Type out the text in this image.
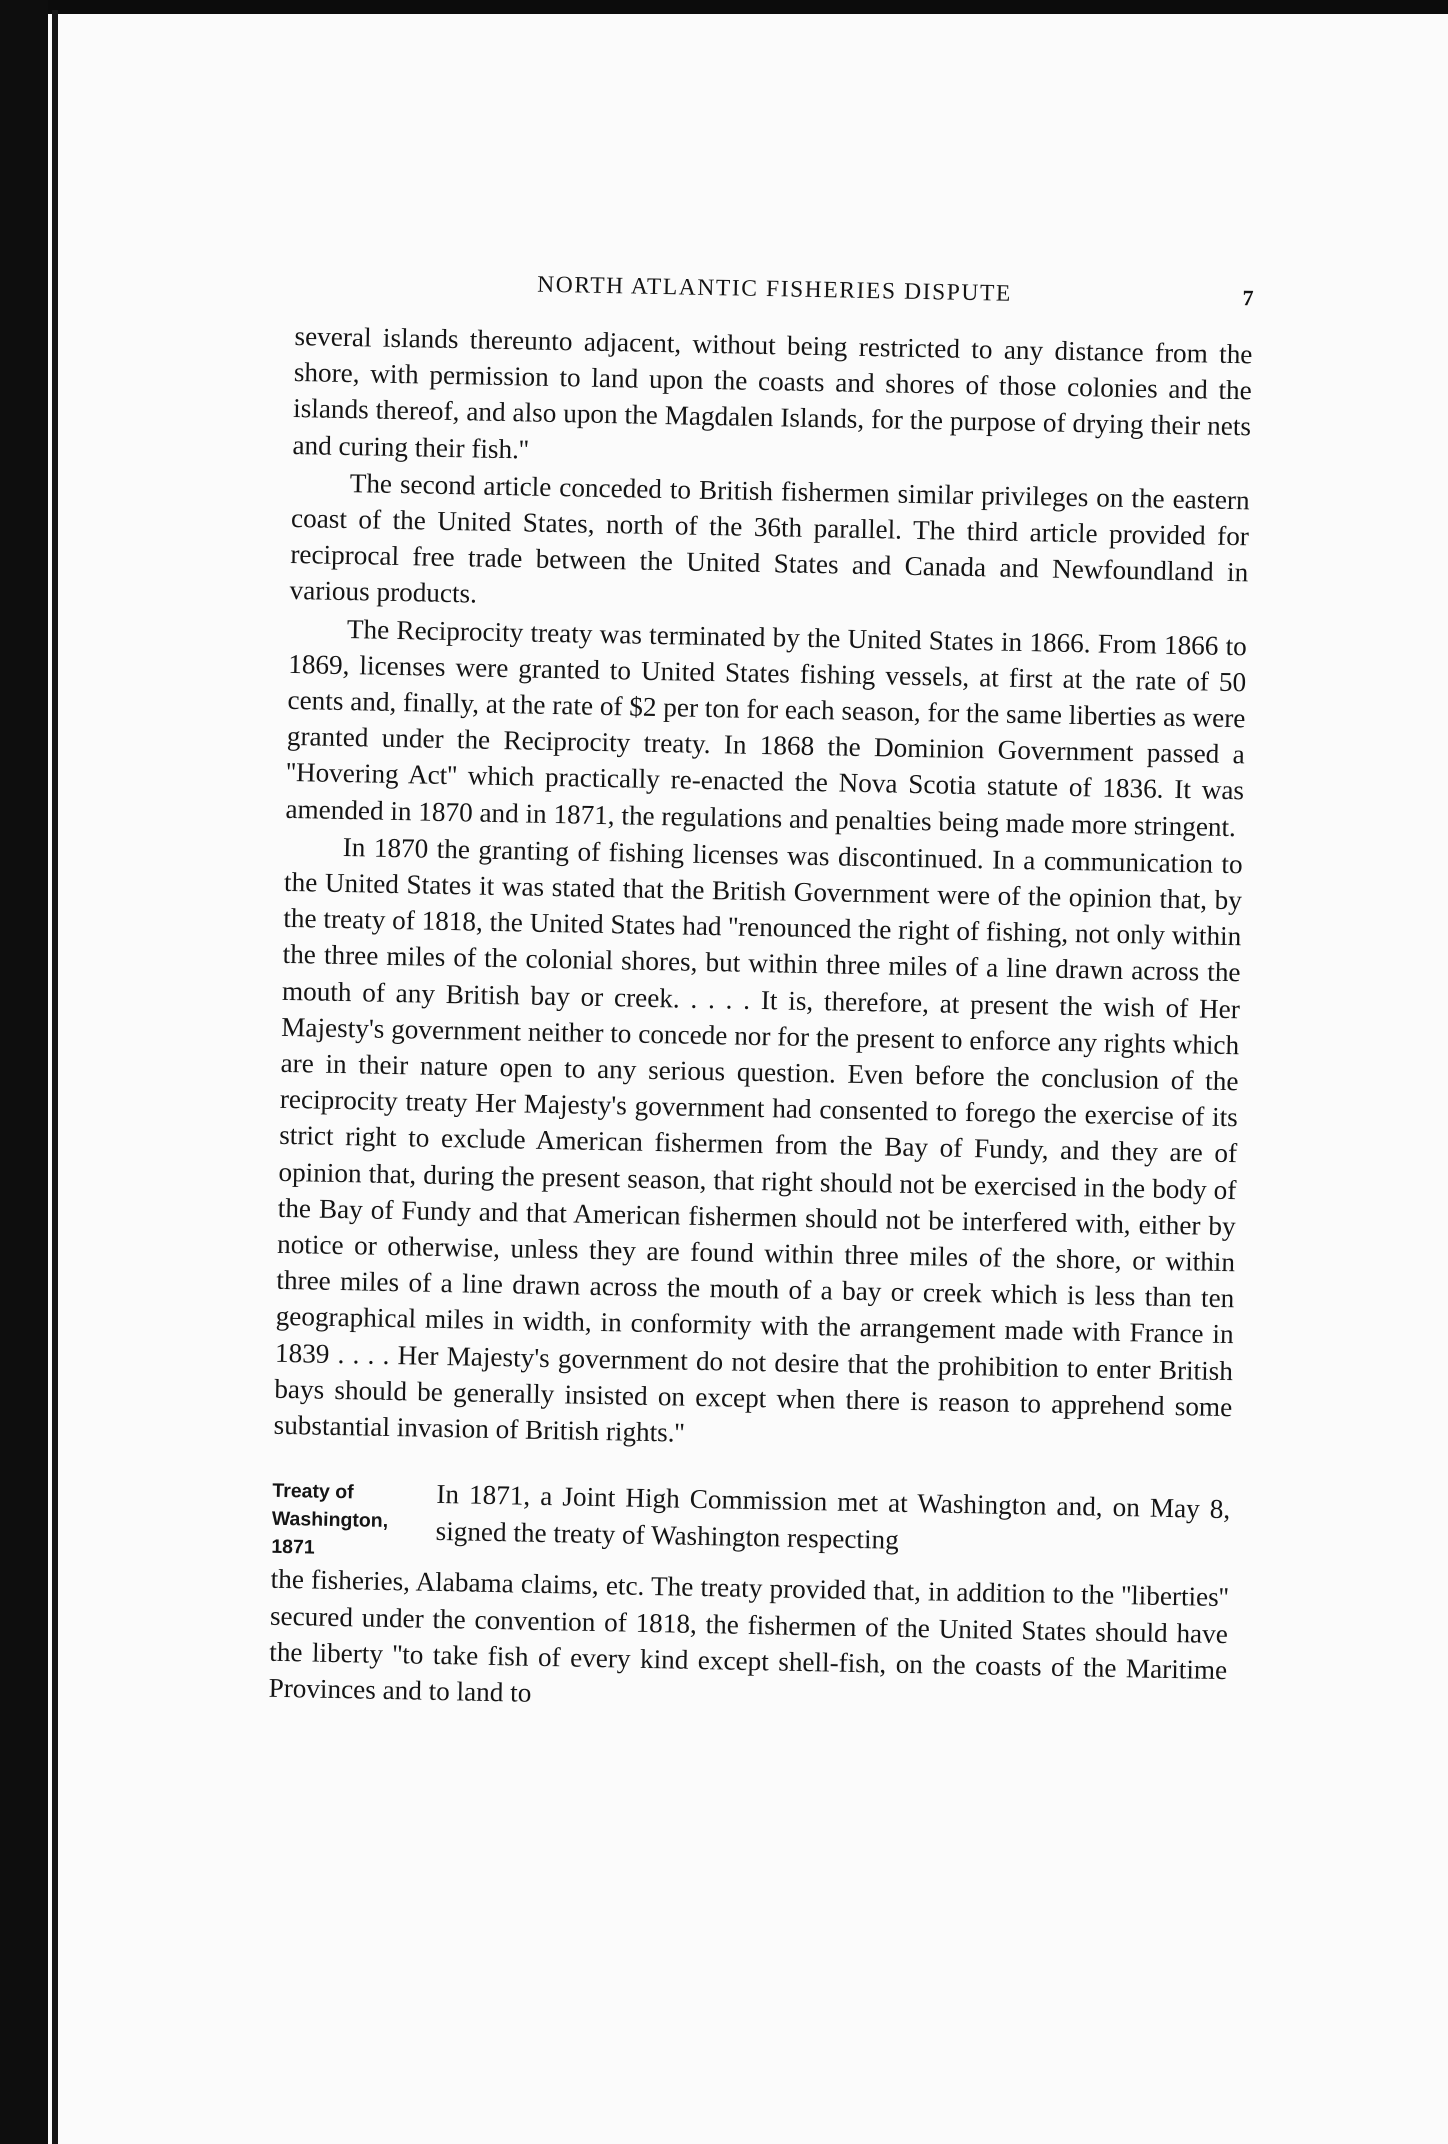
NORTH ATLANTIC FISHERIES DISPUTE	7

several islands thereunto adjacent, without being restricted to any distance from the shore, with permission to land upon the coasts and shores of those colonies and the islands thereof, and also upon the Magdalen Islands, for the purpose of drying their nets and curing their fish.''

The second article conceded to British fishermen similar privileges on the eastern coast of the United States, north of the 36th parallel. The third article provided for reciprocal free trade between the United States and Canada and Newfoundland in various products.

The Reciprocity treaty was terminated by the United States in 1866. From 1866 to 1869, licenses were granted to United States fishing vessels, at first at the rate of 50 cents and, finally, at the rate of $2 per ton for each season, for the same liberties as were granted under the Reciprocity treaty. In 1868 the Dominion Government passed a ''Hovering Act'' which practically re-enacted the Nova Scotia statute of 1836. It was amended in 1870 and in 1871, the regulations and penalties being made more stringent.

In 1870 the granting of fishing licenses was discontinued. In a communication to the United States it was stated that the British Government were of the opinion that, by the treaty of 1818, the United States had ''renounced the right of fishing, not only within the three miles of the colonial shores, but within three miles of a line drawn across the mouth of any British bay or creek. . . . . It is, therefore, at present the wish of Her Majesty's government neither to concede nor for the present to enforce any rights which are in their nature open to any serious question. Even before the conclusion of the reciprocity treaty Her Majesty's government had consented to forego the exercise of its strict right to exclude American fishermen from the Bay of Fundy, and they are of opinion that, during the present season, that right should not be exercised in the body of the Bay of Fundy and that American fishermen should not be interfered with, either by notice or otherwise, unless they are found within three miles of the shore, or within three miles of a line drawn across the mouth of a bay or creek which is less than ten geographical miles in width, in conformity with the arrangement made with France in 1839 . . . . Her Majesty's government do not desire that the prohibition to enter British bays should be generally insisted on except when there is reason to apprehend some substantial invasion of British rights.''

Treaty of Washington, 1871

In 1871, a Joint High Commission met at Washington and, on May 8, signed the treaty of Washington respecting

the fisheries, Alabama claims, etc. The treaty provided that, in addition to the ''liberties'' secured under the convention of 1818, the fishermen of the United States should have the liberty ''to take fish of every kind except shell-fish, on the coasts of the Maritime Provinces and to land to
